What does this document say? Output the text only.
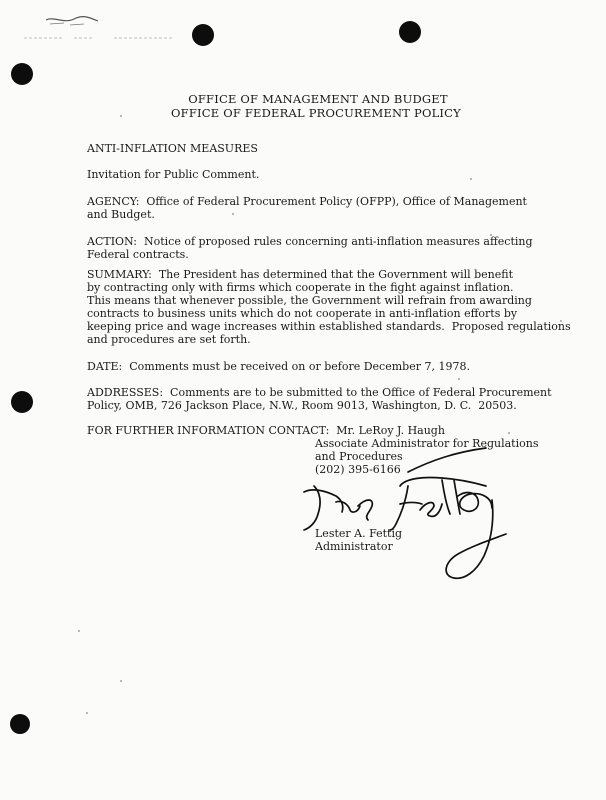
OFFICE OF MANAGEMENT AND BUDGET
OFFICE OF FEDERAL PROCUREMENT POLICY
ANTI-INFLATION MEASURES
Invitation for Public Comment.
AGENCY:  Office of Federal Procurement Policy (OFPP), Office of Management
and Budget.
ACTION:  Notice of proposed rules concerning anti-inflation measures affecting
Federal contracts.
SUMMARY:  The President has determined that the Government will benefit
by contracting only with firms which cooperate in the fight against inflation.
This means that whenever possible, the Government will refrain from awarding
contracts to business units which do not cooperate in anti-inflation efforts by
keeping price and wage increases within established standards.  Proposed regulations
and procedures are set forth.
DATE:  Comments must be received on or before December 7, 1978.
ADDRESSES:  Comments are to be submitted to the Office of Federal Procurement
Policy, OMB, 726 Jackson Place, N.W., Room 9013, Washington, D. C.  20503.
FOR FURTHER INFORMATION CONTACT:  Mr. LeRoy J. Haugh
Associate Administrator for Regulations
and Procedures
(202) 395-6166
Lester A. Fettig
Administrator
